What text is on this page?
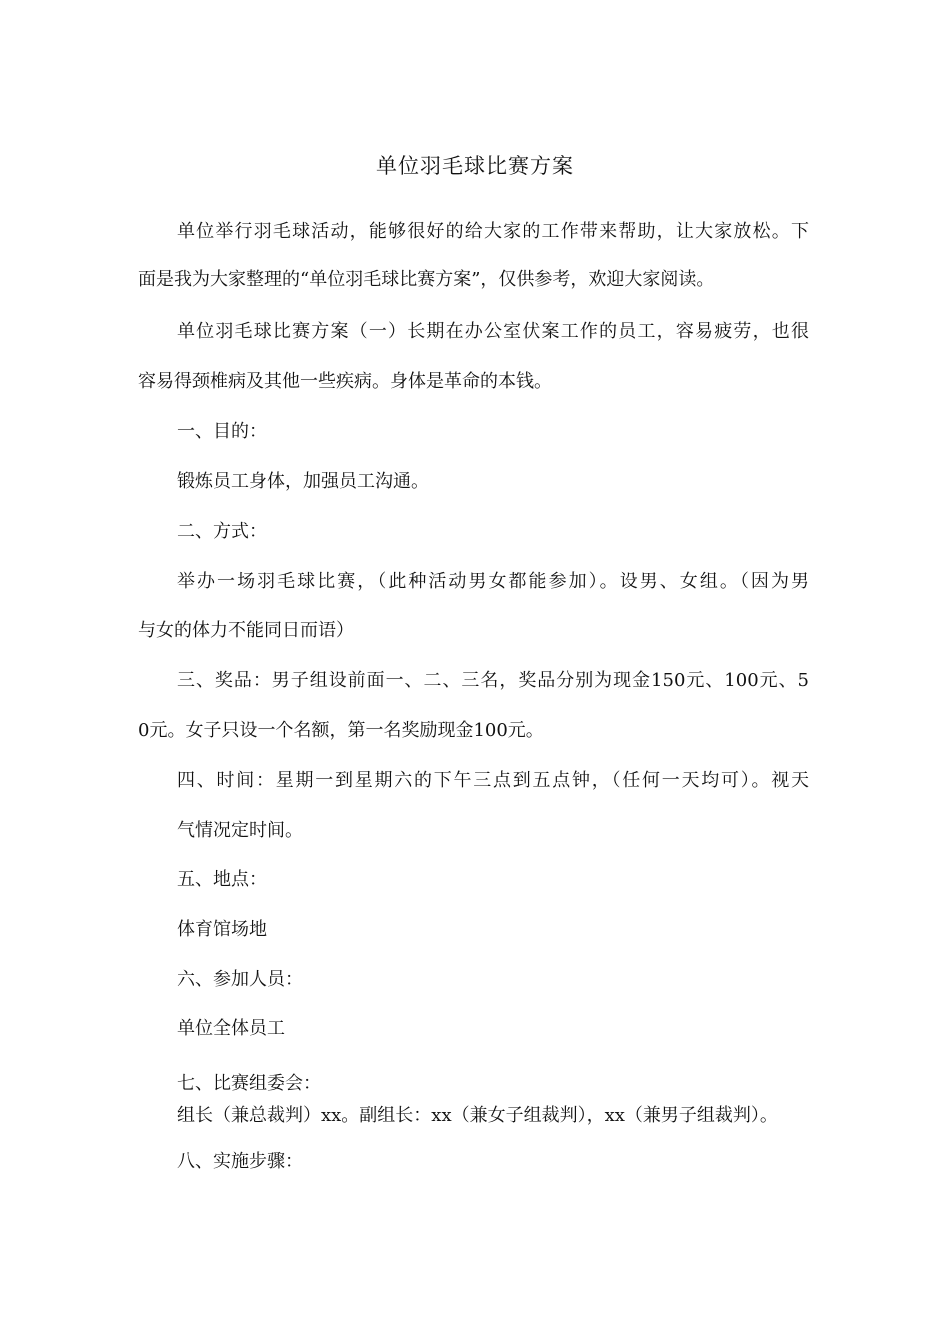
单位羽毛球比赛方案
单位举行羽毛球活动，能够很好的给大家的工作带来帮助，让大家放松。下
面是我为大家整理的“单位羽毛球比赛方案”，仅供参考，欢迎大家阅读。
单位羽毛球比赛方案（一）长期在办公室伏案工作的员工，容易疲劳，也很
容易得颈椎病及其他一些疾病。身体是革命的本钱。
一、目的：
锻炼员工身体，加强员工沟通。
二、方式：
举办一场羽毛球比赛，（此种活动男女都能参加）。设男、女组。（因为男
与女的体力不能同日而语）
三、奖品：男子组设前面一、二、三名，奖品分别为现金150元、100元、5
0元。女子只设一个名额，第一名奖励现金100元。
四、时间：星期一到星期六的下午三点到五点钟，（任何一天均可）。视天
气情况定时间。
五、地点：
体育馆场地
六、参加人员：
单位全体员工
七、比赛组委会：
组长（兼总裁判）xx。副组长：xx（兼女子组裁判），xx（兼男子组裁判）。
八、实施步骤：
